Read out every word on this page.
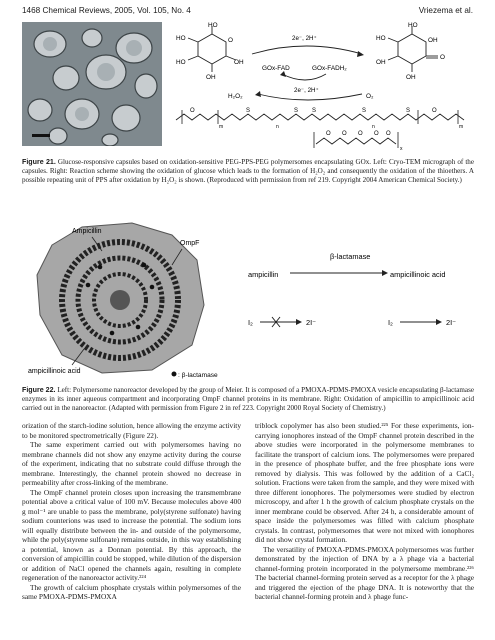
1468 Chemical Reviews, 2005, Vol. 105, No. 4	Vriezema et al.
HO
O
HO
HO
OH
OH
HO
OH
HO
OH
OH
O
2e⁻, 2H⁺
GOx-FAD	GOx-FADH₂
2e⁻, 2H⁺
H₂O₂	O₂
O
m
S
n
S S	S
n
S	O
m
O O O O O
x
Figure 21. Glucose-responsive capsules based on oxidation-sensitive PEG-PPS-PEG polymersomes encapsulating GOx. Left: Cryo-TEM micrograph of the capsules. Right: Reaction scheme showing the oxidation of glucose which leads to the formation of H₂O₂ and consequently the oxidation of the thioethers. A possible repeating unit of PPS after oxidation by H₂O₂ is shown. (Reproduced with permission from ref 219. Copyright 2004 American Chemical Society.)
Ampicillin
OmpF
ampicillinoic acid
: β-lactamase
ampicillin
β-lactamase
ampicillinoic acid
I₂	2I⁻	I₂	2I⁻
Figure 22. Left: Polymersome nanoreactor developed by the group of Meier. It is composed of a PMOXA-PDMS-PMOXA vesicle encapsulating β-lactamase enzymes in its inner aqueous compartment and incorporating OmpF channel proteins in its membrane. Right: Oxidation of ampicillin to ampicillinoic acid carried out in the nanoreactor. (Adapted with permission from Figure 2 in ref 223. Copyright 2000 Royal Society of Chemistry.)

orization of the starch-iodine solution, hence allowing the enzyme activity to be monitored spectrometrically (Figure 22).

The same experiment carried out with polymersomes having no membrane channels did not show any enzyme activity during the course of the experiment, indicating that no substrate could diffuse through the membrane. Interestingly, the channel protein showed no decrease in permeability after cross-linking of the membrane.

The OmpF channel protein closes upon increasing the transmembrane potential above a critical value of 100 mV. Because molecules above 400 g mol⁻¹ are unable to pass the membrane, poly(styrene sulfonate) having sodium counterions was used to increase the potential. The sodium ions will equally distribute between the in- and outside of the polymersome, while the poly(styrene sulfonate) remains outside, in this way establishing a potential, known as a Donnan potential. By this approach, the conversion of ampicillin could be stopped, while dilution of the dispersion or addition of NaCl opened the channels again, resulting in complete regeneration of the nanoreactor activity.²²⁴

The growth of calcium phosphate crystals within polymersomes of the same PMOXA-PDMS-PMOXA

triblock copolymer has also been studied.²²⁵ For these experiments, ion-carrying ionophores instead of the OmpF channel protein described in the above studies were incorporated in the polymersome membranes to facilitate the transport of calcium ions. The polymersomes were prepared in the presence of phosphate buffer, and the free phosphate ions were removed by dialysis. This was followed by the addition of a CaCl₂ solution. Fractions were taken from the sample, and they were mixed with three different ionophores. The polymersomes were studied by electron microscopy, and after 1 h the growth of calcium phosphate crystals on the inner membrane could be observed. After 24 h, a considerable amount of space inside the polymersomes was filled with calcium phosphate crystals. In contrast, polymersomes that were not mixed with ionophores did not show crystal formation.

The versatility of PMOXA-PDMS-PMOXA polymersomes was further demonstrated by the injection of DNA by a λ phage via a bacterial channel-forming protein incorporated in the polymersome membrane.²²⁶ The bacterial channel-forming protein served as a receptor for the λ phage and triggered the ejection of the phage DNA. It is noteworthy that the bacterial channel-forming protein and λ phage func-
